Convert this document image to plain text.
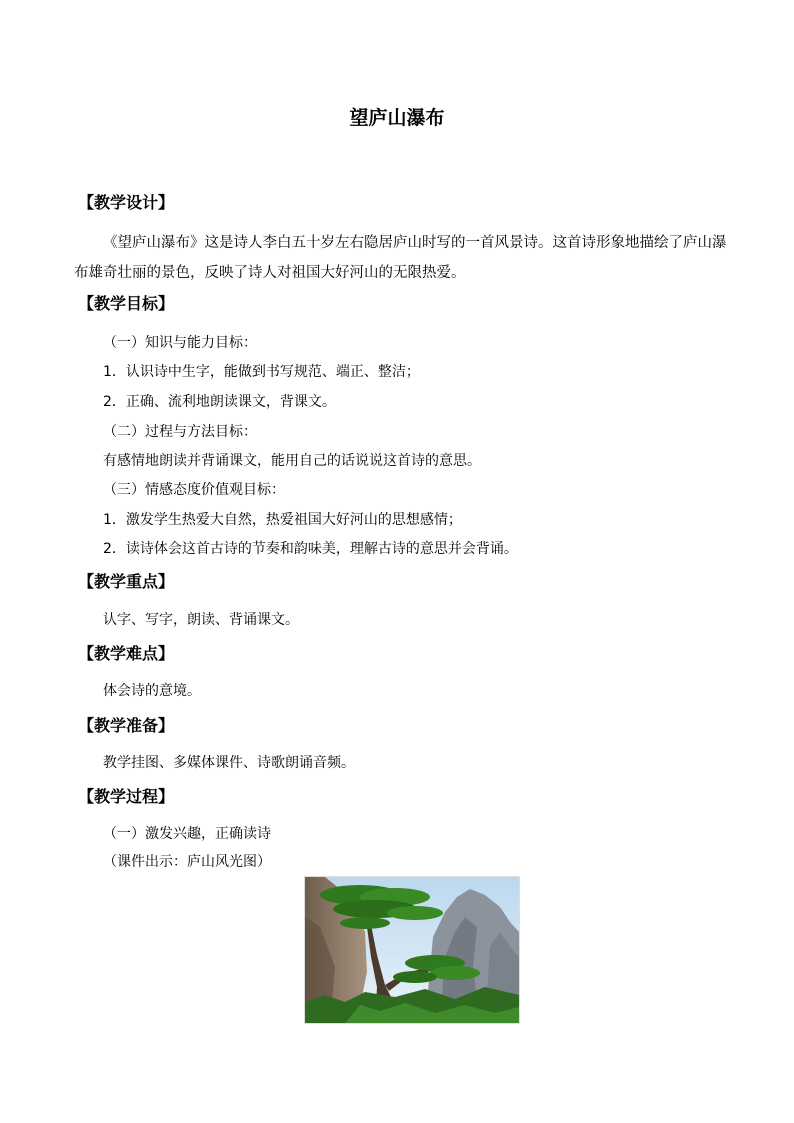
望庐山瀑布
【教学设计】

《望庐山瀑布》这是诗人李白五十岁左右隐居庐山时写的一首风景诗。这首诗形象地描绘了庐山瀑布雄奇壮丽的景色，反映了诗人对祖国大好河山的无限热爱。

【教学目标】
（一）知识与能力目标：
1．认识诗中生字，能做到书写规范、端正、整洁；
2．正确、流利地朗读课文，背课文。
（二）过程与方法目标：
有感情地朗读并背诵课文，能用自己的话说说这首诗的意思。
（三）情感态度价值观目标：
1．激发学生热爱大自然，热爱祖国大好河山的思想感情；
2．读诗体会这首古诗的节奏和韵味美，理解古诗的意思并会背诵。
【教学重点】
认字、写字，朗读、背诵课文。
【教学难点】
体会诗的意境。
【教学准备】
教学挂图、多媒体课件、诗歌朗诵音频。
【教学过程】
（一）激发兴趣，正确读诗
（课件出示：庐山风光图）
